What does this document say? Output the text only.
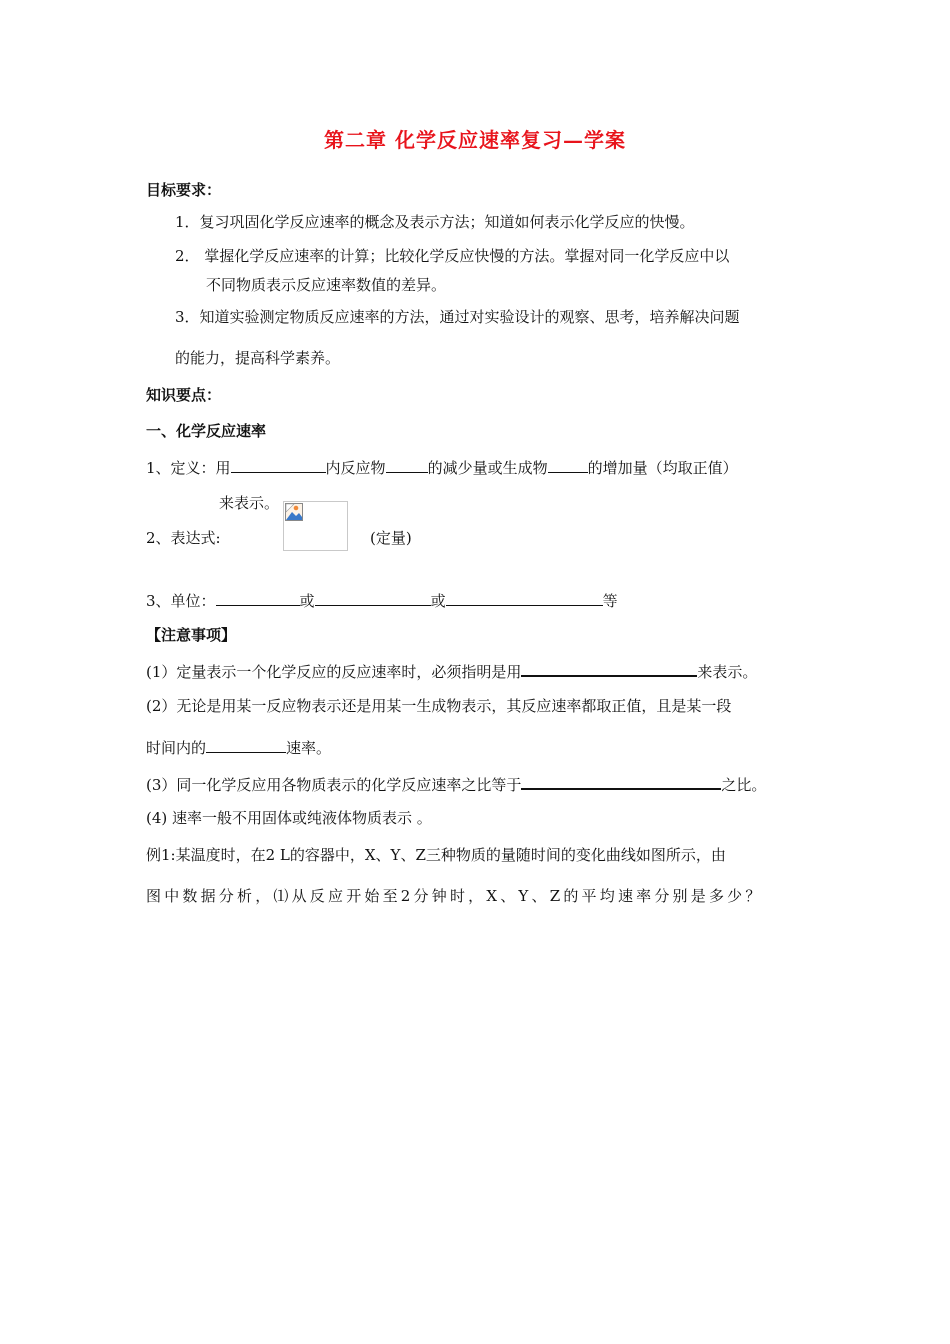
第二章 化学反应速率复习—学案
目标要求：
1．复习巩固化学反应速率的概念及表示方法；知道如何表示化学反应的快慢。
2． 掌握化学反应速率的计算；比较化学反应快慢的方法。掌握对同一化学反应中以
不同物质表示反应速率数值的差异。
3．知道实验测定物质反应速率的方法，通过对实验设计的观察、思考，培养解决问题
的能力，提高科学素养。
知识要点：
一、化学反应速率
1、定义：用	内反应物	的减少量或生成物	的增加量（均取正值）
来表示。
2、表达式:	(定量)
3、单位：	或	或	等
【注意事项】
(1）定量表示一个化学反应的反应速率时，必须指明是用	来表示。
(2）无论是用某一反应物表示还是用某一生成物表示，其反应速率都取正值，且是某一段
时间内的	速率。
(3）同一化学反应用各物质表示的化学反应速率之比等于	之比。
(4) 速率一般不用固体或纯液体物质表示 。
例1:某温度时，在2 L的容器中，X、Y、Z三种物质的量随时间的变化曲线如图所示，由
图中数据分析，⑴从反应开始至2分钟时，X、Y、Z的平均速率分别是多少？
